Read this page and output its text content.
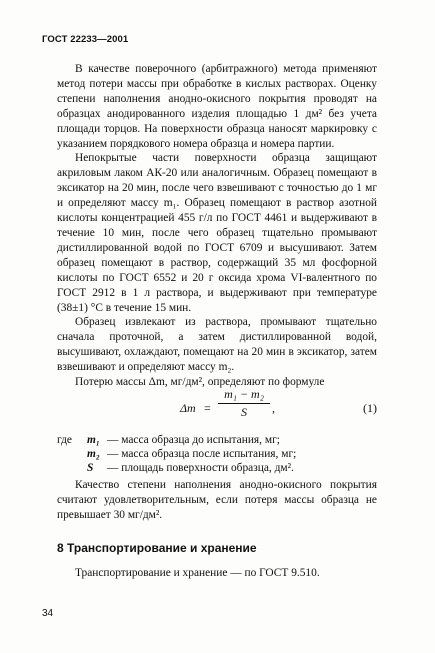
ГОСТ 22233—2001

В качестве поверочного (арбитражного) метода применяют метод потери массы при обработке в кислых растворах. Оценку степени наполнения анодно-окисного покрытия проводят на образцах анодированного изделия площадью 1 дм² без учета площади торцов. На поверхности образца наносят маркировку с указанием порядкового номера образца и номера партии.

Непокрытые части поверхности образца защищают акриловым лаком АК-20 или аналогичным. Образец помещают в эксикатор на 20 мин, после чего взвешивают с точностью до 1 мг и определяют массу m₁. Образец помещают в раствор азотной кислоты концентрацией 455 г/л по ГОСТ 4461 и выдерживают в течение 10 мин, после чего образец тщательно промывают дистиллированной водой по ГОСТ 6709 и высушивают. Затем образец помещают в раствор, содержащий 35 мл фосфорной кислоты по ГОСТ 6552 и 20 г оксида хрома VI-валентного по ГОСТ 2912 в 1 л раствора, и выдерживают при температуре (38±1) °С в течение 15 мин.

Образец извлекают из раствора, промывают тщательно сначала проточной, а затем дистиллированной водой, высушивают, охлаждают, помещают на 20 мин в эксикатор, затем взвешивают и определяют массу m₂.

Потерю массы Δm, мг/дм², определяют по формуле

Δm =
m₁ − m₂
S	,	(1)
где m₁ — масса образца до испытания, мг;
m₂ — масса образца после испытания, мг;
S — площадь поверхности образца, дм².

Качество степени наполнения анодно-окисного покрытия считают удовлетворительным, если потеря массы образца не превышает 30 мг/дм².

8 Транспортирование и хранение
Транспортирование и хранение — по ГОСТ 9.510.
34
